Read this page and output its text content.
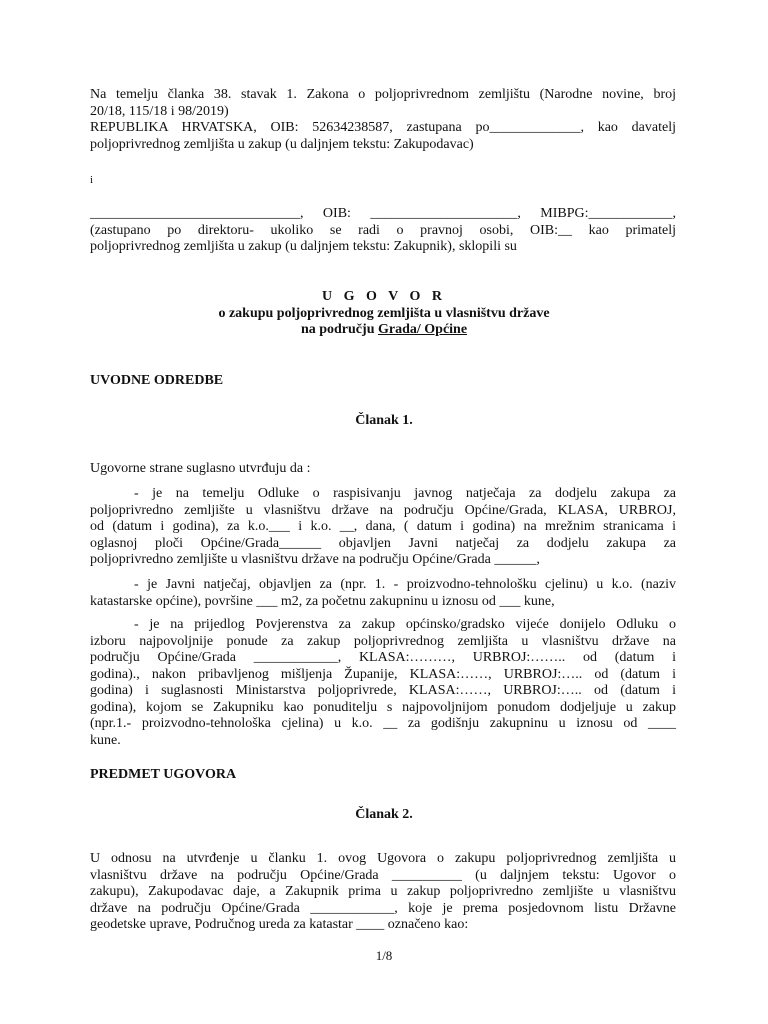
Na temelju članka 38. stavak 1. Zakona o poljoprivrednom zemljištu (Narodne novine, broj

20/18, 115/18 i 98/2019)

REPUBLIKA HRVATSKA, OIB: 52634238587, zastupana po_____________, kao davatelj

poljoprivrednog zemljišta u zakup (u daljnjem tekstu: Zakupodavac)

i

______________________________, OIB: _____________________, MIBPG:____________,

(zastupano po direktoru- ukoliko se radi o pravnoj osobi, OIB:__ kao primatelj

poljoprivrednog zemljišta u zakup (u daljnjem tekstu: Zakupnik), sklopili su

U G O V O R

o zakupu poljoprivrednog zemljišta u vlasništvu države

na području Grada/ Općine

UVODNE ODREDBE

Članak 1.

Ugovorne strane suglasno utvrđuju da :

- je na temelju Odluke o raspisivanju javnog natječaja za dodjelu zakupa za

poljoprivredno zemljište u vlasništvu države na području Općine/Grada, KLASA, URBROJ,

od (datum i godina), za k.o.___ i k.o. __, dana, ( datum i godina) na mrežnim stranicama i

oglasnoj ploči Općine/Grada______ objavljen Javni natječaj za dodjelu zakupa za

poljoprivredno zemljište u vlasništvu države na području Općine/Grada ______,

- je Javni natječaj, objavljen za (npr. 1. - proizvodno-tehnološku cjelinu) u k.o. (naziv

katastarske općine), površine ___ m2, za početnu zakupninu u iznosu od ___ kune,

- je na prijedlog Povjerenstva za zakup općinsko/gradsko vijeće donijelo Odluku o

izboru najpovoljnije ponude za zakup poljoprivrednog zemljišta u vlasništvu države na

području Općine/Grada ____________, KLASA:………, URBROJ:…….. od (datum i

godina)., nakon pribavljenog mišljenja Županije, KLASA:……, URBROJ:….. od (datum i

godina) i suglasnosti Ministarstva poljoprivrede, KLASA:……, URBROJ:….. od (datum i

godina), kojom se Zakupniku kao ponuditelju s najpovoljnijom ponudom dodjeljuje u zakup

(npr.1.- proizvodno-tehnološka cjelina) u k.o. __ za godišnju zakupninu u iznosu od ____

kune.

PREDMET UGOVORA

Članak 2.

U odnosu na utvrđenje u članku 1. ovog Ugovora o zakupu poljoprivrednog zemljišta u

vlasništvu države na području Općine/Grada __________ (u daljnjem tekstu: Ugovor o

zakupu), Zakupodavac daje, a Zakupnik prima u zakup poljoprivredno zemljište u vlasništvu

države na području Općine/Grada ____________, koje je prema posjedovnom listu Državne

geodetske uprave, Područnog ureda za katastar ____ označeno kao:

1/8
